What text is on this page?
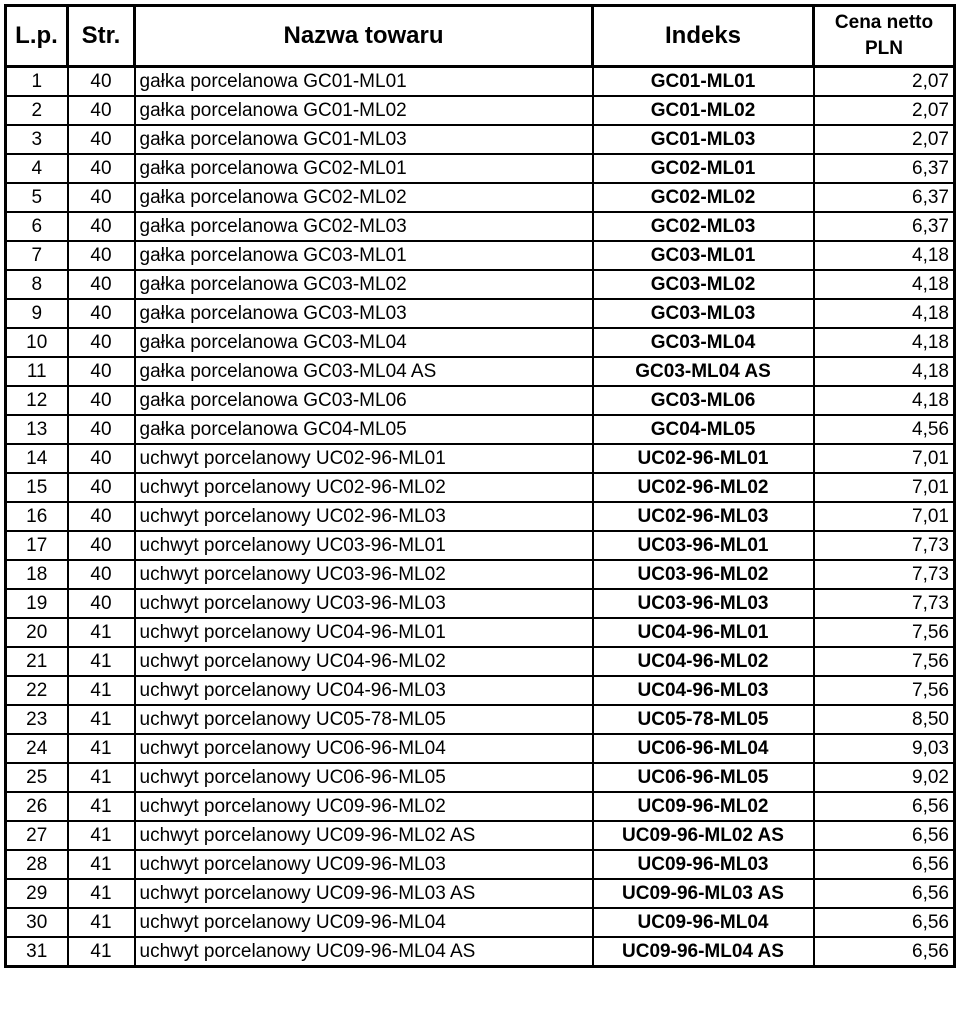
L.p.	Str.	Nazwa towaru	Indeks	Cena netto
PLN

1	40	gałka porcelanowa GC01-ML01	GC01-ML01	2,07
2	40	gałka porcelanowa GC01-ML02	GC01-ML02	2,07
3	40	gałka porcelanowa GC01-ML03	GC01-ML03	2,07
4	40	gałka porcelanowa GC02-ML01	GC02-ML01	6,37
5	40	gałka porcelanowa GC02-ML02	GC02-ML02	6,37
6	40	gałka porcelanowa GC02-ML03	GC02-ML03	6,37
7	40	gałka porcelanowa GC03-ML01	GC03-ML01	4,18
8	40	gałka porcelanowa GC03-ML02	GC03-ML02	4,18
9	40	gałka porcelanowa GC03-ML03	GC03-ML03	4,18
10	40	gałka porcelanowa GC03-ML04	GC03-ML04	4,18
11	40	gałka porcelanowa GC03-ML04 AS	GC03-ML04 AS	4,18
12	40	gałka porcelanowa GC03-ML06	GC03-ML06	4,18
13	40	gałka porcelanowa GC04-ML05	GC04-ML05	4,56
14	40	uchwyt porcelanowy UC02-96-ML01	UC02-96-ML01	7,01
15	40	uchwyt porcelanowy UC02-96-ML02	UC02-96-ML02	7,01
16	40	uchwyt porcelanowy UC02-96-ML03	UC02-96-ML03	7,01
17	40	uchwyt porcelanowy UC03-96-ML01	UC03-96-ML01	7,73
18	40	uchwyt porcelanowy UC03-96-ML02	UC03-96-ML02	7,73
19	40	uchwyt porcelanowy UC03-96-ML03	UC03-96-ML03	7,73
20	41	uchwyt porcelanowy UC04-96-ML01	UC04-96-ML01	7,56
21	41	uchwyt porcelanowy UC04-96-ML02	UC04-96-ML02	7,56
22	41	uchwyt porcelanowy UC04-96-ML03	UC04-96-ML03	7,56
23	41	uchwyt porcelanowy UC05-78-ML05	UC05-78-ML05	8,50
24	41	uchwyt porcelanowy UC06-96-ML04	UC06-96-ML04	9,03
25	41	uchwyt porcelanowy UC06-96-ML05	UC06-96-ML05	9,02
26	41	uchwyt porcelanowy UC09-96-ML02	UC09-96-ML02	6,56
27	41	uchwyt porcelanowy UC09-96-ML02 AS	UC09-96-ML02 AS	6,56
28	41	uchwyt porcelanowy UC09-96-ML03	UC09-96-ML03	6,56
29	41	uchwyt porcelanowy UC09-96-ML03 AS	UC09-96-ML03 AS	6,56
30	41	uchwyt porcelanowy UC09-96-ML04	UC09-96-ML04	6,56
31	41	uchwyt porcelanowy UC09-96-ML04 AS	UC09-96-ML04 AS	6,56
